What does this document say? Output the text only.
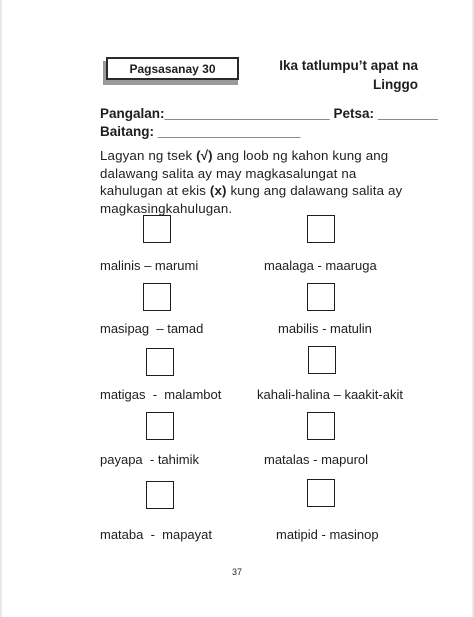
Pagsasanay 30	Ika tatlumpu’t apat na
Linggo
Pangalan:______________________ Petsa: ________
Baitang: ___________________
Lagyan ng tsek (√) ang loob ng kahon kung ang dalawang salita ay may magkasalungat na kahulugan at ekis (x) kung ang dalawang salita ay magkasingkahulugan.
malinis – marumi	maalaga - maaruga
masipag  – tamad	mabilis - matulin
matigas  -  malambot	kahali-halina – kaakit-akit
payapa  - tahimik	matalas - mapurol
mataba  -  mapayat	matipid - masinop
37
